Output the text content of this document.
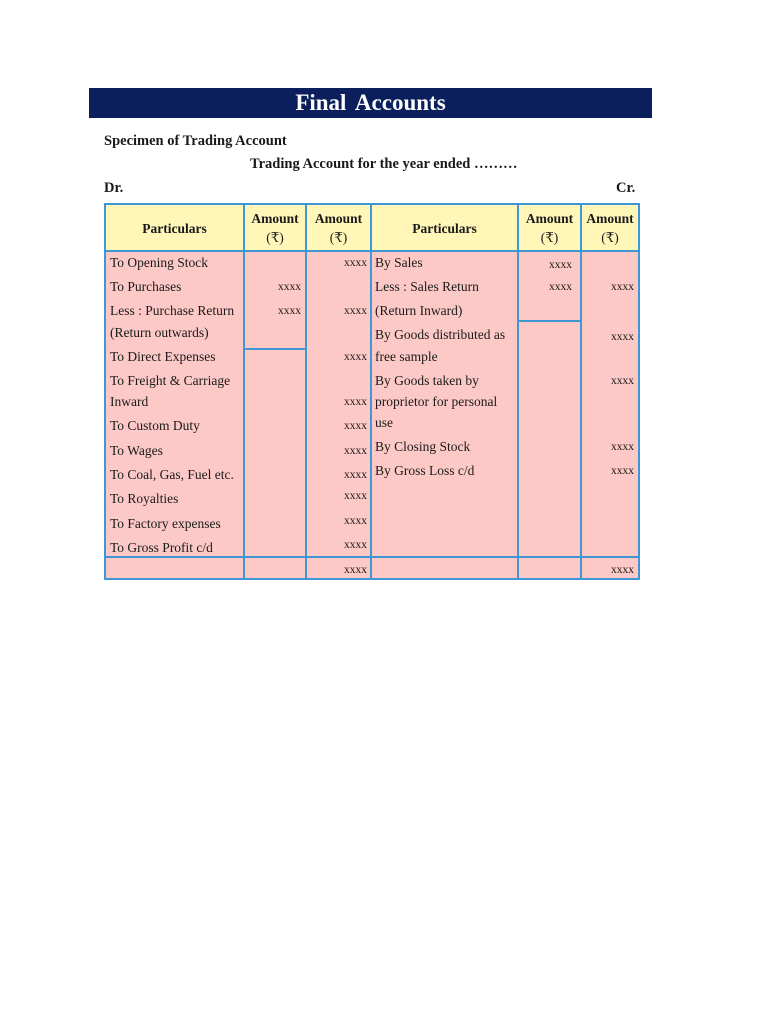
Final Accounts
Specimen of Trading Account
Trading Account for the year ended ………
Dr.	Cr.
Particulars
Amount
(₹)
Amount
(₹)
Particulars
Amount
(₹)
Amount
(₹)
To Opening Stock
To Purchases
Less : Purchase Return
(Return outwards)
To Direct Expenses
To Freight & Carriage
Inward
To Custom Duty
To Wages
To Coal, Gas, Fuel etc.
To Royalties
To Factory expenses
To Gross Profit c/d
xxxx
xxxx
xxxx
xxxx
xxxx
xxxx
xxxx
xxxx
xxxx
xxxx
xxxx
xxxx
xxxx
By Sales
Less : Sales Return
(Return Inward)
By Goods distributed as
free sample
By Goods taken by
proprietor for personal
use
By Closing Stock
By Gross Loss c/d
xxxx
xxxx	xxxx
xxxx
xxxx
xxxx
xxxx
xxxx
